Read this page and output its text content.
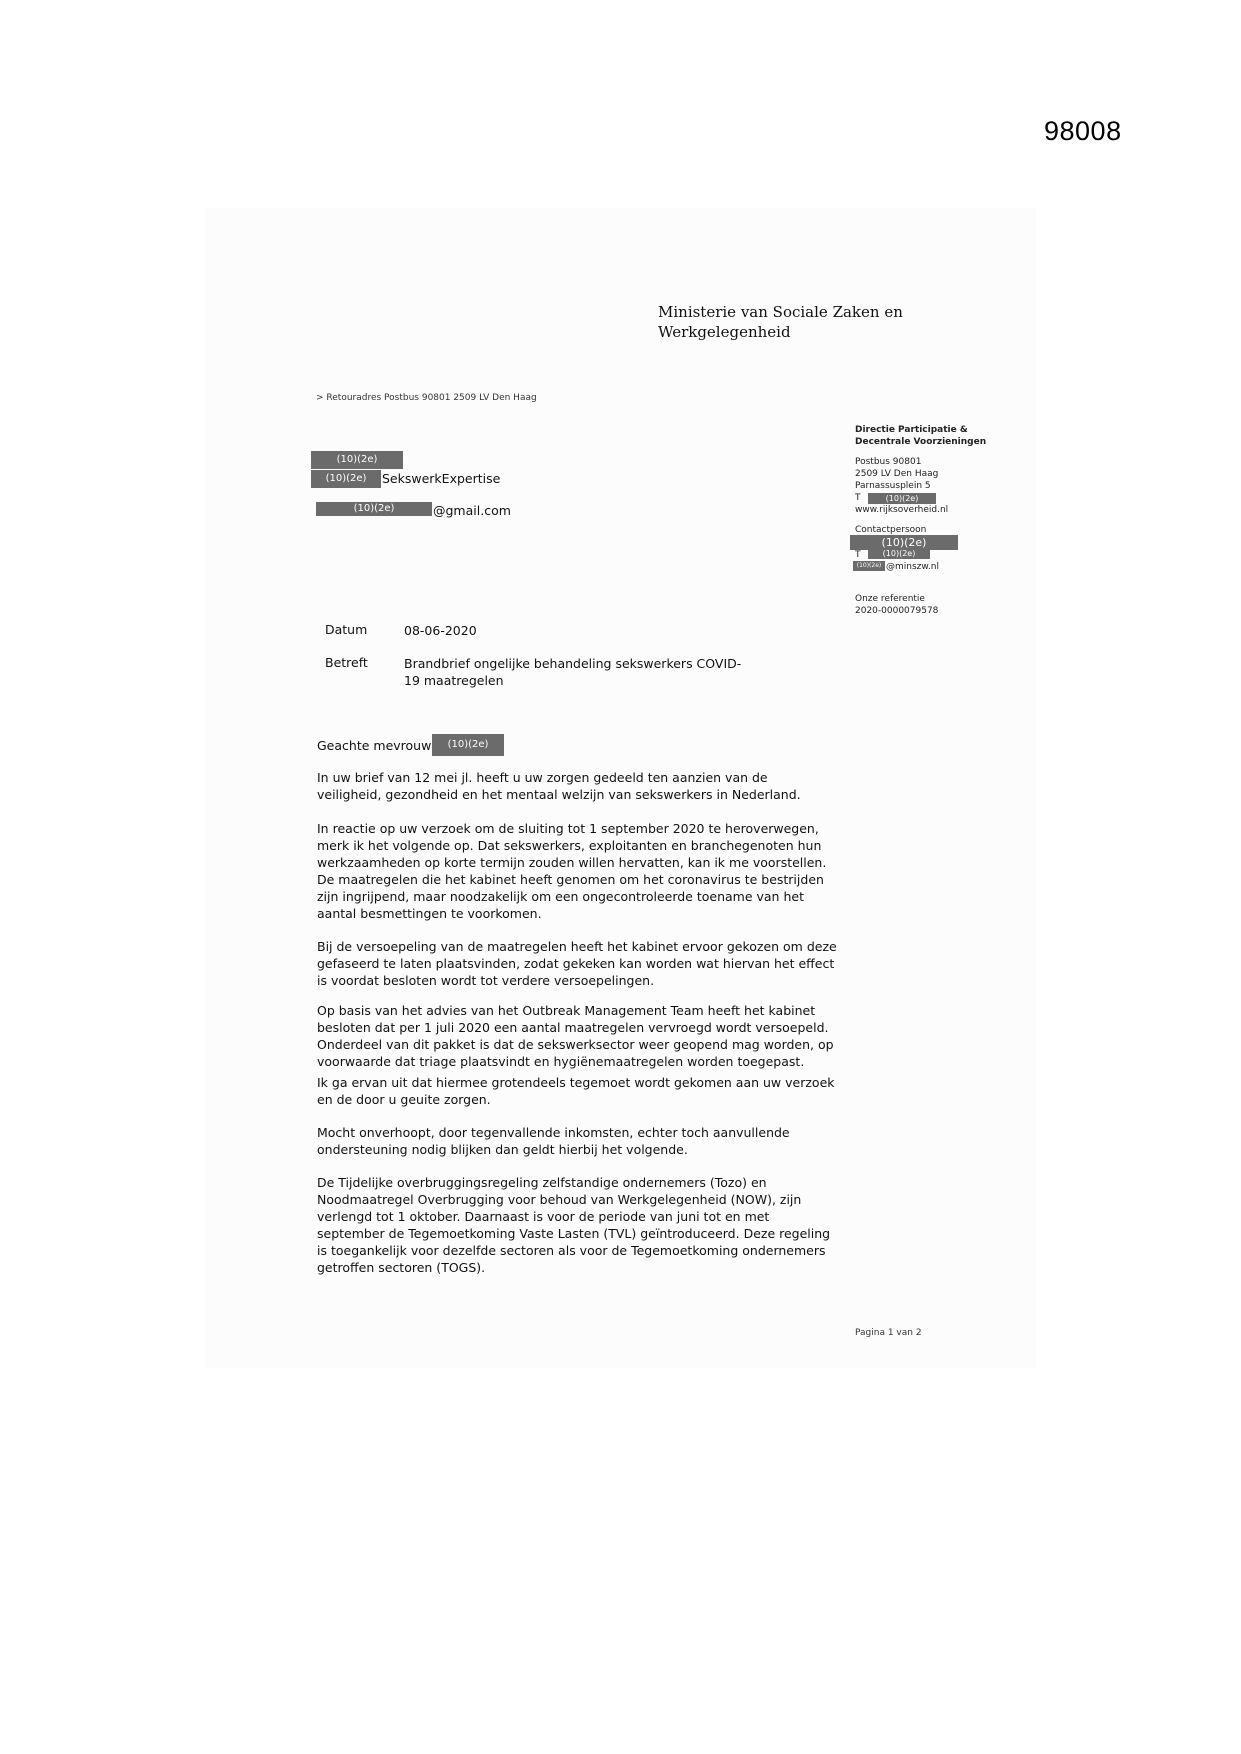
98008
Ministerie van Sociale Zaken en
Werkgelegenheid
> Retouradres Postbus 90801 2509 LV Den Haag
(10)(2e)
(10)(2e)	SekswerkExpertise
(10)(2e)	@gmail.com
Directie Participatie &
Decentrale Voorzieningen
Postbus 90801
2509 LV Den Haag
Parnassusplein 5
T
www.rijksoverheid.nl
(10)(2e)
Contactpersoon
(10)(2e)
T	(10)(2e)
(10)(2e) @minszw.nl
Onze referentie
2020-0000079578
Datum	08-06-2020
Betreft	Brandbrief ongelijke behandeling sekswerkers COVID-
19 maatregelen
Geachte mevrouw	(10)(2e)

In uw brief van 12 mei jl. heeft u uw zorgen gedeeld ten aanzien van de

veiligheid, gezondheid en het mentaal welzijn van sekswerkers in Nederland.

In reactie op uw verzoek om de sluiting tot 1 september 2020 te heroverwegen,

merk ik het volgende op. Dat sekswerkers, exploitanten en branchegenoten hun

werkzaamheden op korte termijn zouden willen hervatten, kan ik me voorstellen.

De maatregelen die het kabinet heeft genomen om het coronavirus te bestrijden

zijn ingrijpend, maar noodzakelijk om een ongecontroleerde toename van het

aantal besmettingen te voorkomen.

Bij de versoepeling van de maatregelen heeft het kabinet ervoor gekozen om deze

gefaseerd te laten plaatsvinden, zodat gekeken kan worden wat hiervan het effect

is voordat besloten wordt tot verdere versoepelingen.

Op basis van het advies van het Outbreak Management Team heeft het kabinet

besloten dat per 1 juli 2020 een aantal maatregelen vervroegd wordt versoepeld.

Onderdeel van dit pakket is dat de sekswerksector weer geopend mag worden, op

voorwaarde dat triage plaatsvindt en hygiënemaatregelen worden toegepast.

Ik ga ervan uit dat hiermee grotendeels tegemoet wordt gekomen aan uw verzoek

en de door u geuite zorgen.

Mocht onverhoopt, door tegenvallende inkomsten, echter toch aanvullende

ondersteuning nodig blijken dan geldt hierbij het volgende.

De Tijdelijke overbruggingsregeling zelfstandige ondernemers (Tozo) en

Noodmaatregel Overbrugging voor behoud van Werkgelegenheid (NOW), zijn

verlengd tot 1 oktober. Daarnaast is voor de periode van juni tot en met

september de Tegemoetkoming Vaste Lasten (TVL) geïntroduceerd. Deze regeling

is toegankelijk voor dezelfde sectoren als voor de Tegemoetkoming ondernemers

getroffen sectoren (TOGS).

Pagina 1 van 2
